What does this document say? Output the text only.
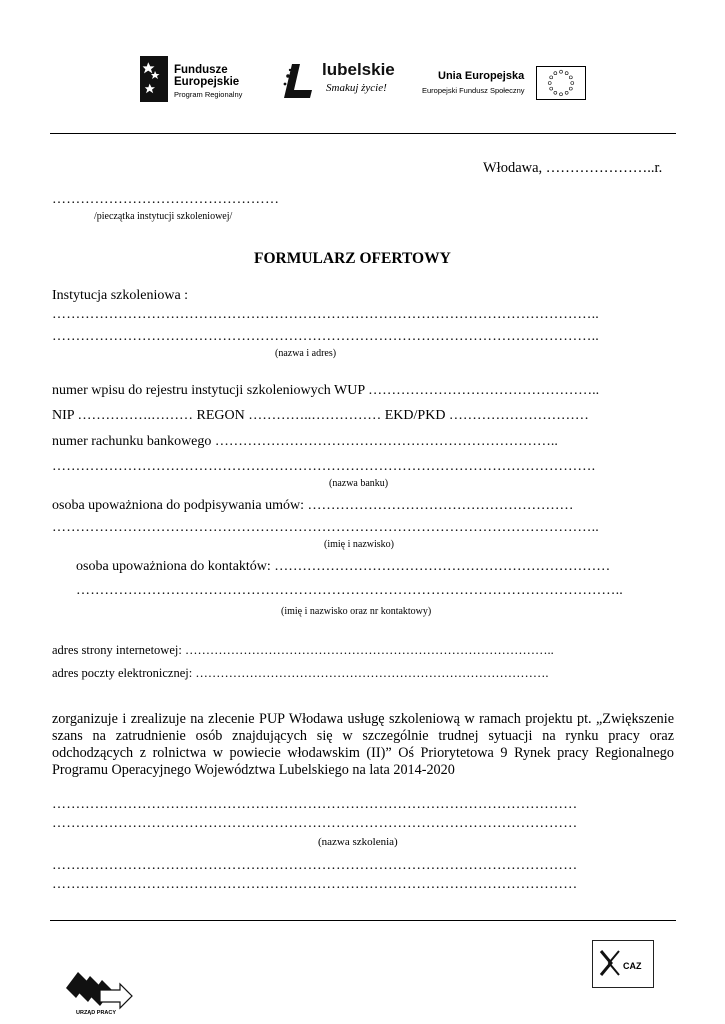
Fundusze
Europejskie
Program Regionalny
lubelskie
Smakuj życie!
Unia Europejska
Europejski Fundusz Społeczny
Włodawa, …………………..r.
…………………………………………
/pieczątka instytucji szkoleniowej/
FORMULARZ OFERTOWY
Instytucja szkoleniowa :
……………………………………………………………………………………………………..
……………………………………………………………………………………………………..
(nazwa i adres)
numer wpisu do rejestru instytucji szkoleniowych WUP …………………………………………..
NIP …………….……… REGON …………..…………… EKD/PKD …………………………
numer rachunku bankowego ………………………………………………………………..
…………………………………………………………………………………………………….
(nazwa banku)
osoba upoważniona do podpisywania umów: …………………………………………………
……………………………………………………………………………………………………..
(imię i nazwisko)
osoba upoważniona do kontaktów: ………………………………………………………………
……………………………………………………………………………………………………..
(imię i nazwisko oraz nr kontaktowy)
adres strony internetowej: ……………………………………………………………………………..
adres poczty elektronicznej: ………………………………………………………………………….
zorganizuje i zrealizuje na zlecenie PUP Włodawa usługę szkoleniową w ramach projektu pt. „Zwiększenie szans na zatrudnienie osób znajdujących się w szczególnie trudnej sytuacji na rynku pracy oraz odchodzących z rolnictwa w powiecie włodawskim (II)” Oś Priorytetowa 9 Rynek pracy Regionalnego Programu Operacyjnego Województwa Lubelskiego na lata 2014-2020
…………………………………………………………………………………………………
…………………………………………………………………………………………………
(nazwa szkolenia)
…………………………………………………………………………………………………
…………………………………………………………………………………………………
URZĄD PRACY
CAZ
